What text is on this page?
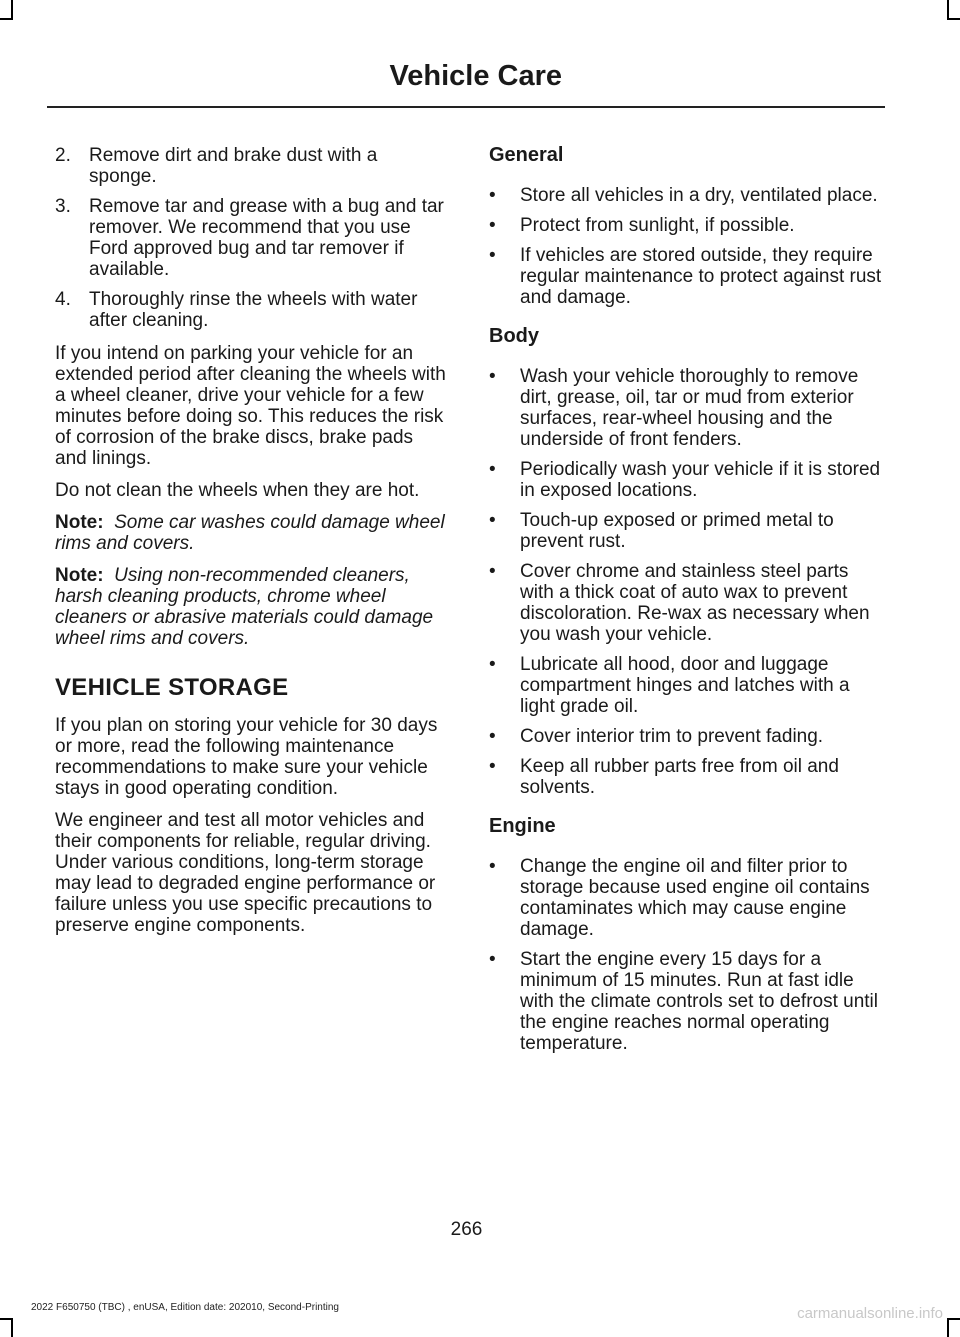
Vehicle Care
2. Remove dirt and brake dust with a sponge.
3. Remove tar and grease with a bug and tar remover. We recommend that you use Ford approved bug and tar remover if available.
4. Thoroughly rinse the wheels with water after cleaning.

If you intend on parking your vehicle for an extended period after cleaning the wheels with a wheel cleaner, drive your vehicle for a few minutes before doing so. This reduces the risk of corrosion of the brake discs, brake pads and linings.

Do not clean the wheels when they are hot.

Note: Some car washes could damage wheel rims and covers.

Note: Using non-recommended cleaners, harsh cleaning products, chrome wheel cleaners or abrasive materials could damage wheel rims and covers.

VEHICLE STORAGE

If you plan on storing your vehicle for 30 days or more, read the following maintenance recommendations to make sure your vehicle stays in good operating condition.

We engineer and test all motor vehicles and their components for reliable, regular driving. Under various conditions, long-term storage may lead to degraded engine performance or failure unless you use specific precautions to preserve engine components.

General
• Store all vehicles in a dry, ventilated place.
• Protect from sunlight, if possible.
• If vehicles are stored outside, they require regular maintenance to protect against rust and damage.
Body
• Wash your vehicle thoroughly to remove dirt, grease, oil, tar or mud from exterior surfaces, rear-wheel housing and the underside of front fenders.
• Periodically wash your vehicle if it is stored in exposed locations.
• Touch-up exposed or primed metal to prevent rust.
• Cover chrome and stainless steel parts with a thick coat of auto wax to prevent discoloration. Re-wax as necessary when you wash your vehicle.
• Lubricate all hood, door and luggage compartment hinges and latches with a light grade oil.
• Cover interior trim to prevent fading.
• Keep all rubber parts free from oil and solvents.
Engine
• Change the engine oil and filter prior to storage because used engine oil contains contaminates which may cause engine damage.
• Start the engine every 15 days for a minimum of 15 minutes. Run at fast idle with the climate controls set to defrost until the engine reaches normal operating temperature.
266
2022 F650750 (TBC) , enUSA, Edition date: 202010, Second-Printing	carmanualsonline.info
